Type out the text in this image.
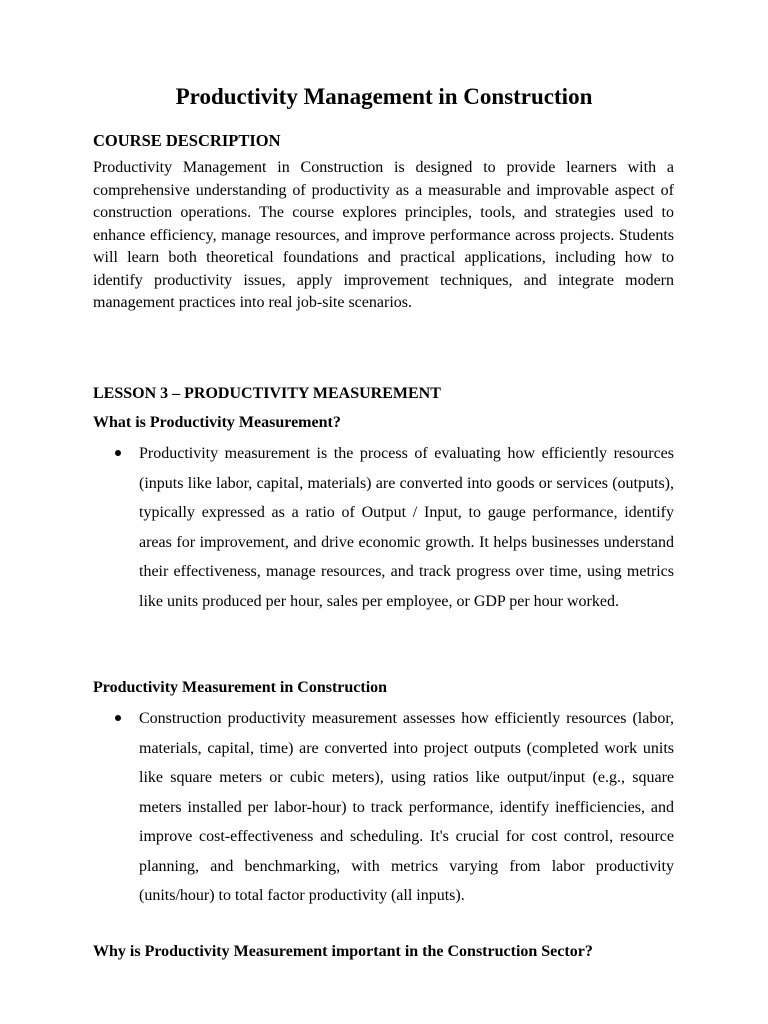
Productivity Management in Construction
COURSE DESCRIPTION

Productivity Management in Construction is designed to provide learners with a comprehensive understanding of productivity as a measurable and improvable aspect of construction operations. The course explores principles, tools, and strategies used to enhance efficiency, manage resources, and improve performance across projects. Students will learn both theoretical foundations and practical applications, including how to identify productivity issues, apply improvement techniques, and integrate modern management practices into real job-site scenarios.

LESSON 3 – PRODUCTIVITY MEASUREMENT
What is Productivity Measurement?

Productivity measurement is the process of evaluating how efficiently resources (inputs like labor, capital, materials) are converted into goods or services (outputs), typically expressed as a ratio of Output / Input, to gauge performance, identify areas for improvement, and drive economic growth. It helps businesses understand their effectiveness, manage resources, and track progress over time, using metrics like units produced per hour, sales per employee, or GDP per hour worked.

Productivity Measurement in Construction

Construction productivity measurement assesses how efficiently resources (labor, materials, capital, time) are converted into project outputs (completed work units like square meters or cubic meters), using ratios like output/input (e.g., square meters installed per labor-hour) to track performance, identify inefficiencies, and improve cost-effectiveness and scheduling. It's crucial for cost control, resource planning, and benchmarking, with metrics varying from labor productivity (units/hour) to total factor productivity (all inputs).

Why is Productivity Measurement important in the Construction Sector?
